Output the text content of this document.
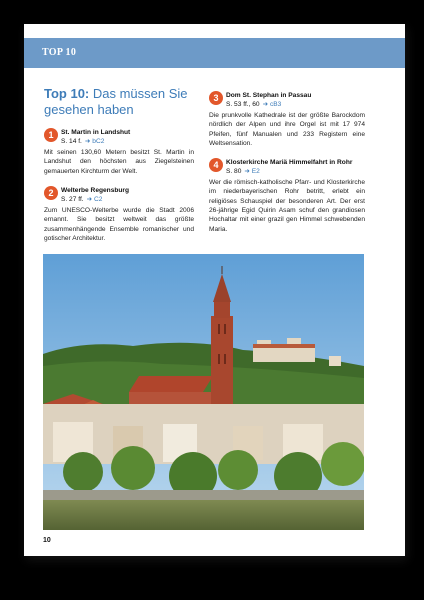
TOP 10
Top 10: Das müssen Sie gesehen haben
1	St. Martin in Landshut
S. 14 f. ➜ bC2
Mit seinen 130,60 Metern besitzt St. Martin in Landshut den höchsten aus Ziegelsteinen gemauerten Kirchturm der Welt.
2	Welterbe Regensburg
S. 27 ff. ➜ C2
Zum UNESCO-Welterbe wurde die Stadt 2006 ernannt. Sie besitzt weltweit das größte zusammenhängende Ensemble romanischer und gotischer Architektur.
3	Dom St. Stephan in Passau
S. 53 ff., 60 ➜ cB3
Die prunkvolle Kathedrale ist der größte Barockdom nördlich der Alpen und ihre Orgel ist mit 17 974 Pfeifen, fünf Manualen und 233 Registern eine Weltsensation.
4	Klosterkirche Mariä Himmelfahrt in Rohr
S. 80 ➜ E2
Wer die römisch-katholische Pfarr- und Klosterkirche im niederbayerischen Rohr betritt, erlebt ein religiöses Schauspiel der besonderen Art. Der erst 26-jährige Egid Quirin Asam schuf den grandiosen Hochaltar mit einer grazil gen Himmel schwebenden Maria.
10
